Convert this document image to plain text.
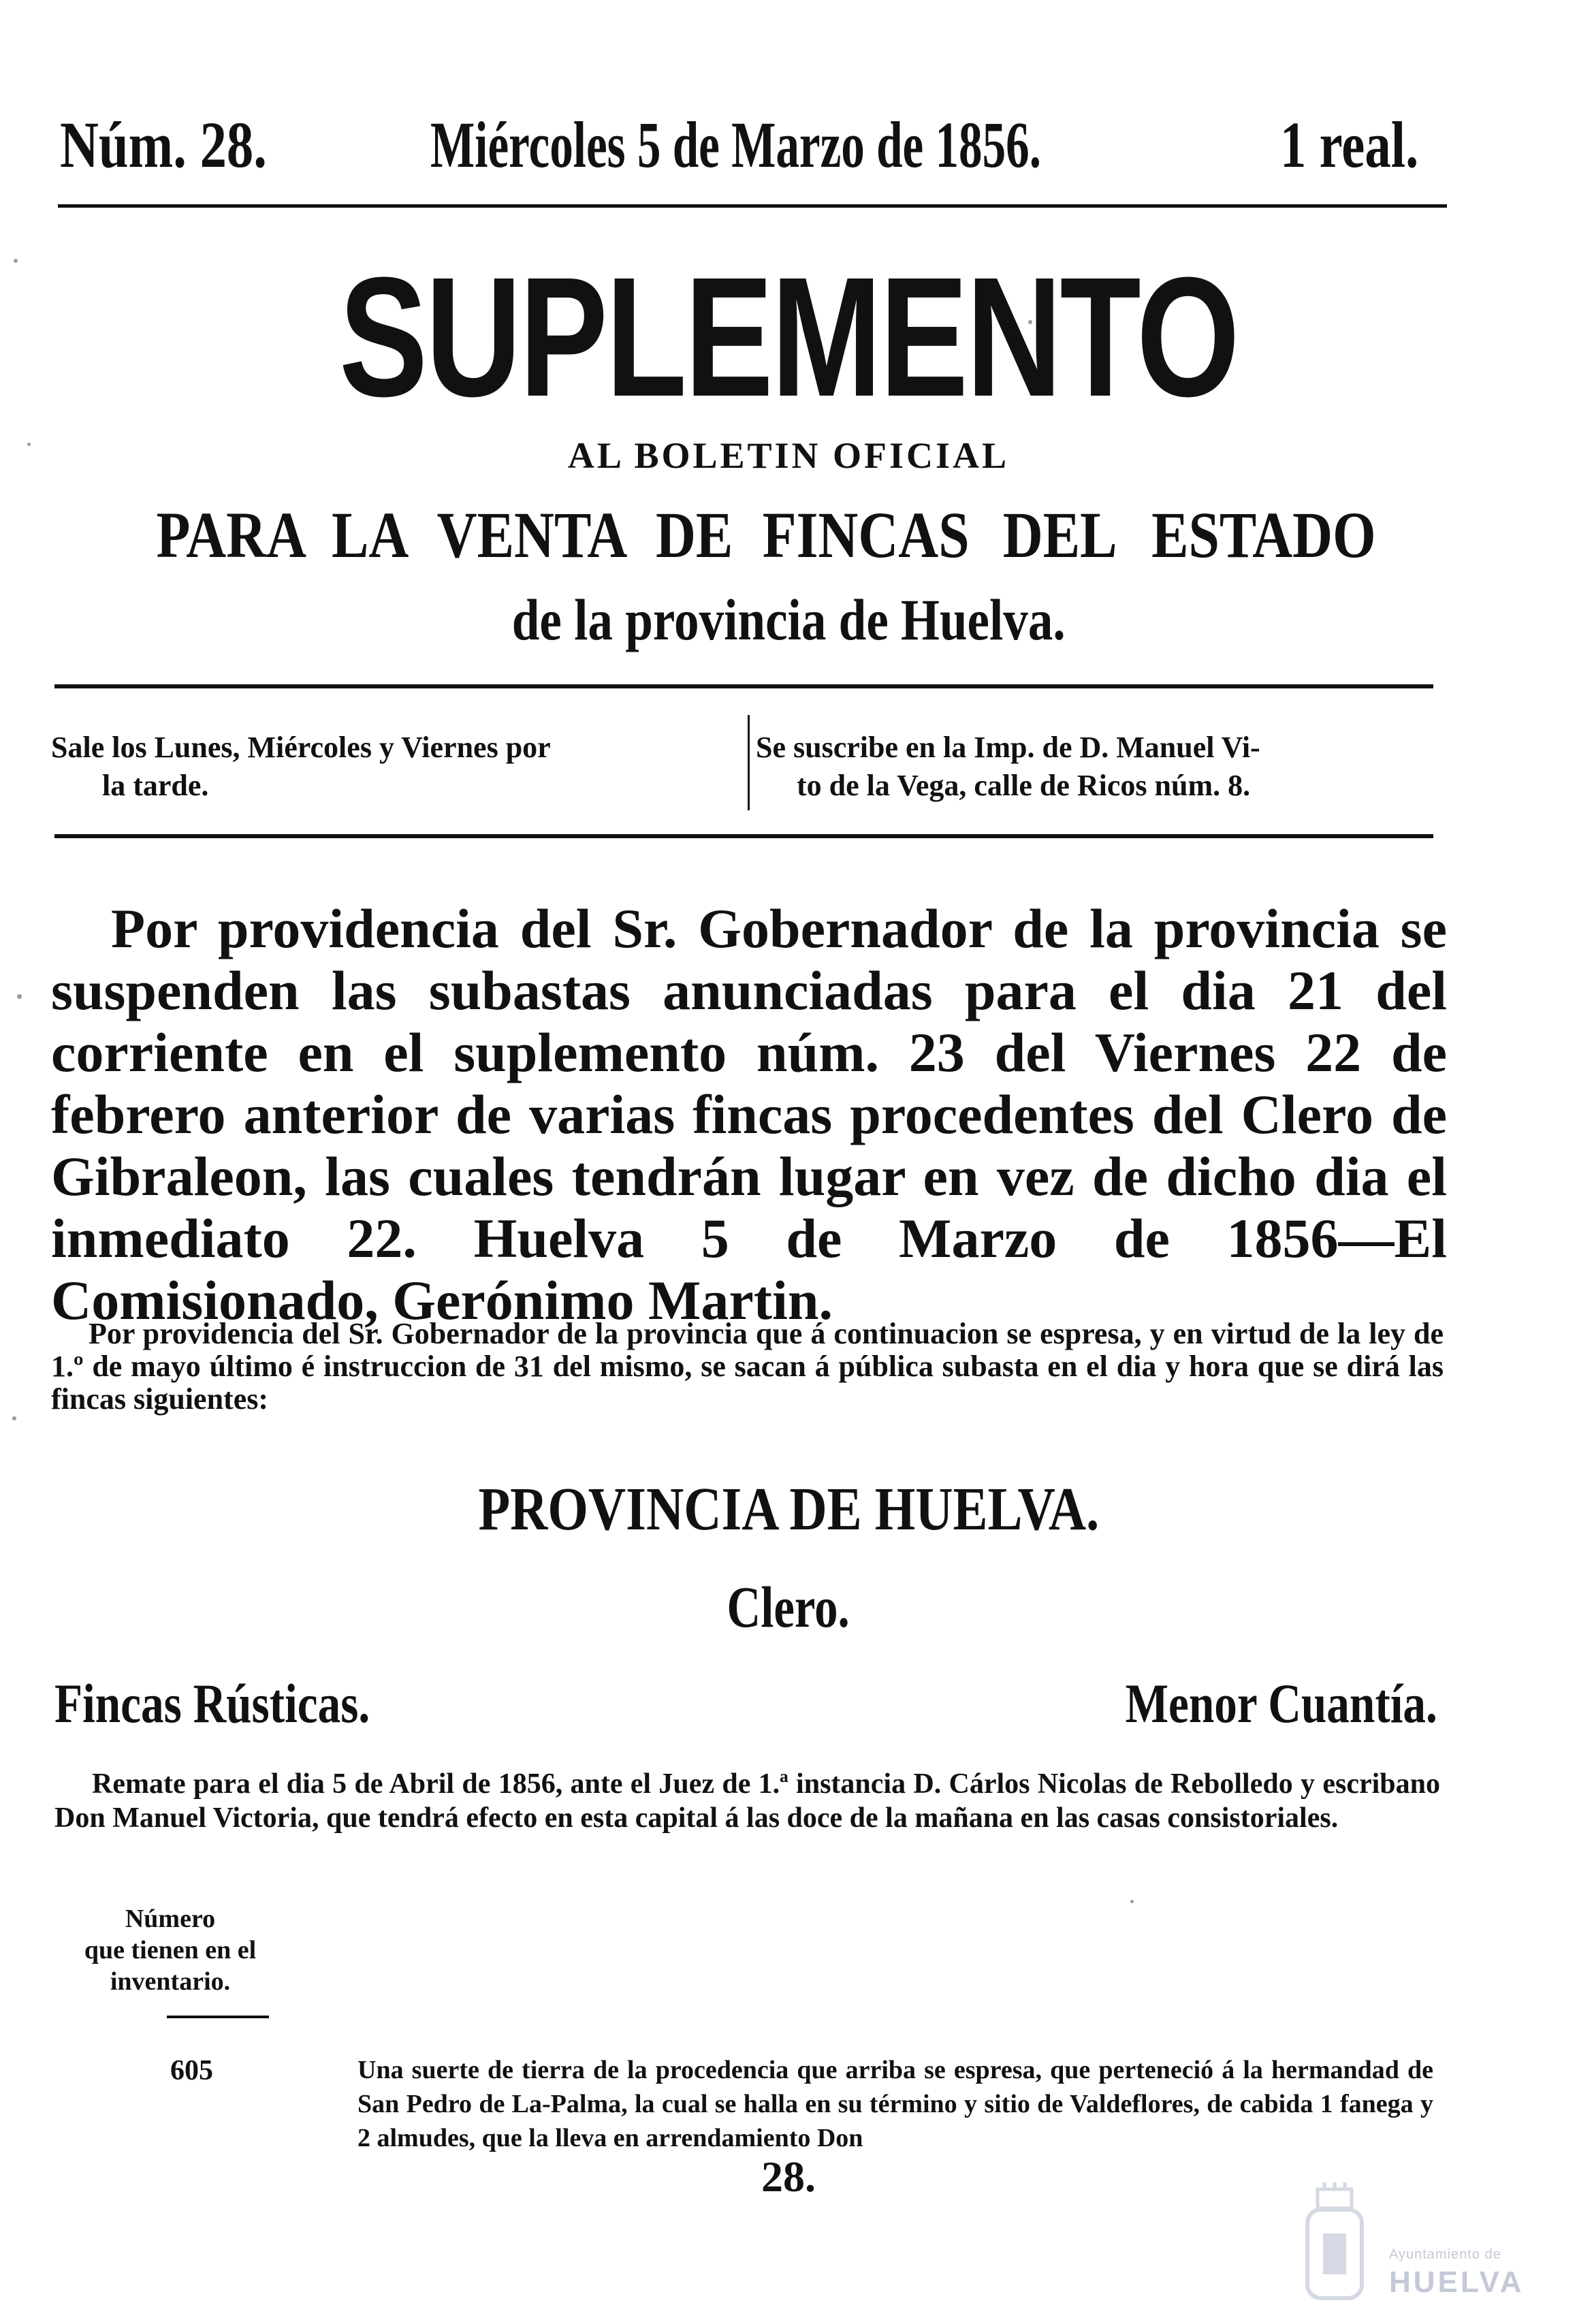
Núm. 28.	Miércoles 5 de Marzo de 1856.	1 real.
SUPLEMENTO
AL BOLETIN OFICIAL
PARA LA VENTA DE FINCAS DEL ESTADO
de la provincia de Huelva.
Sale los Lunes, Miércoles y Viernes por
la tarde.
Se suscribe en la Imp. de D. Manuel Vi-
to de la Vega, calle de Ricos núm. 8.

Por providencia del Sr. Gobernador de la provincia se suspenden las subastas anunciadas para el dia 21 del corriente en el suplemento núm. 23 del Viernes 22 de febrero anterior de varias fincas procedentes del Clero de Gibraleon, las cuales tendrán lugar en vez de dicho dia el inmediato 22. Huelva 5 de Marzo de 1856—El Comisionado, Gerónimo Martin.

Por providencia del Sr. Gobernador de la provincia que á continuacion se espresa, y en virtud de la ley de 1.º de mayo último é instruccion de 31 del mismo, se sacan á pública subasta en el dia y hora que se dirá las fincas siguientes:

PROVINCIA DE HUELVA.
Clero.
Fincas Rústicas.	Menor Cuantía.

Remate para el dia 5 de Abril de 1856, ante el Juez de 1.ª instancia D. Cárlos Nicolas de Rebolledo y escribano Don Manuel Victoria, que tendrá efecto en esta capital á las doce de la mañana en las casas consistoriales.

Número
que tienen en el
inventario.
605	Una suerte de tierra de la procedencia que arriba se espresa, que perteneció á la hermandad de San Pedro de La-Palma, la cual se halla en su término y sitio de Valdeflores, de cabida 1 fanega y 2 almudes, que la lleva en arrendamiento Don
28.
Ayuntamiento de
HUELVA
